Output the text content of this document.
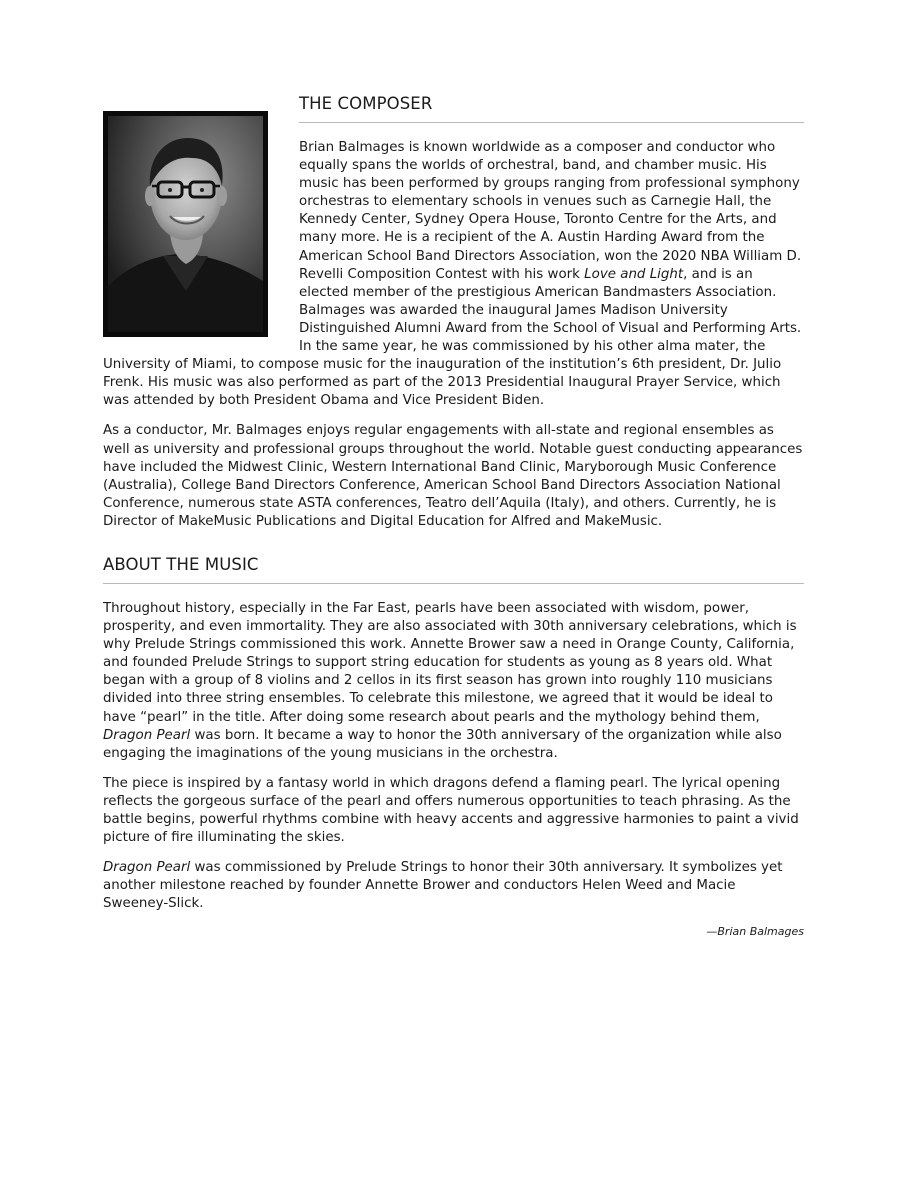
THE COMPOSER

Brian Balmages is known worldwide as a composer and conductor who equally spans the worlds of orchestral, band, and chamber music. His music has been performed by groups ranging from professional symphony orchestras to elementary schools in venues such as Carnegie Hall, the Kennedy Center, Sydney Opera House, Toronto Centre for the Arts, and many more. He is a recipient of the A. Austin Harding Award from the American School Band Directors Association, won the 2020 NBA William D. Revelli Composition Contest with his work Love and Light, and is an elected member of the prestigious American Bandmasters Association. Balmages was awarded the inaugural James Madison University Distinguished Alumni Award from the School of Visual and Performing Arts. In the same year, he was commissioned by his other alma mater, the University of Miami, to compose music for the inauguration of the institution’s 6th president, Dr. Julio Frenk. His music was also performed as part of the 2013 Presidential Inaugural Prayer Service, which was attended by both President Obama and Vice President Biden.

As a conductor, Mr. Balmages enjoys regular engagements with all-state and regional ensembles as well as university and professional groups throughout the world. Notable guest conducting appearances have included the Midwest Clinic, Western International Band Clinic, Maryborough Music Conference (Australia), College Band Directors Conference, American School Band Directors Association National Conference, numerous state ASTA conferences, Teatro dell’Aquila (Italy), and others. Currently, he is Director of MakeMusic Publications and Digital Education for Alfred and MakeMusic.

ABOUT THE MUSIC

Throughout history, especially in the Far East, pearls have been associated with wisdom, power, prosperity, and even immortality. They are also associated with 30th anniversary celebrations, which is why Prelude Strings commissioned this work. Annette Brower saw a need in Orange County, California, and founded Prelude Strings to support string education for students as young as 8 years old. What began with a group of 8 violins and 2 cellos in its first season has grown into roughly 110 musicians divided into three string ensembles. To celebrate this milestone, we agreed that it would be ideal to have “pearl” in the title. After doing some research about pearls and the mythology behind them, Dragon Pearl was born. It became a way to honor the 30th anniversary of the organization while also engaging the imaginations of the young musicians in the orchestra.

The piece is inspired by a fantasy world in which dragons defend a flaming pearl. The lyrical opening reflects the gorgeous surface of the pearl and offers numerous opportunities to teach phrasing. As the battle begins, powerful rhythms combine with heavy accents and aggressive harmonies to paint a vivid picture of fire illuminating the skies.

Dragon Pearl was commissioned by Prelude Strings to honor their 30th anniversary. It symbolizes yet another milestone reached by founder Annette Brower and conductors Helen Weed and Macie Sweeney-Slick.

—Brian Balmages
